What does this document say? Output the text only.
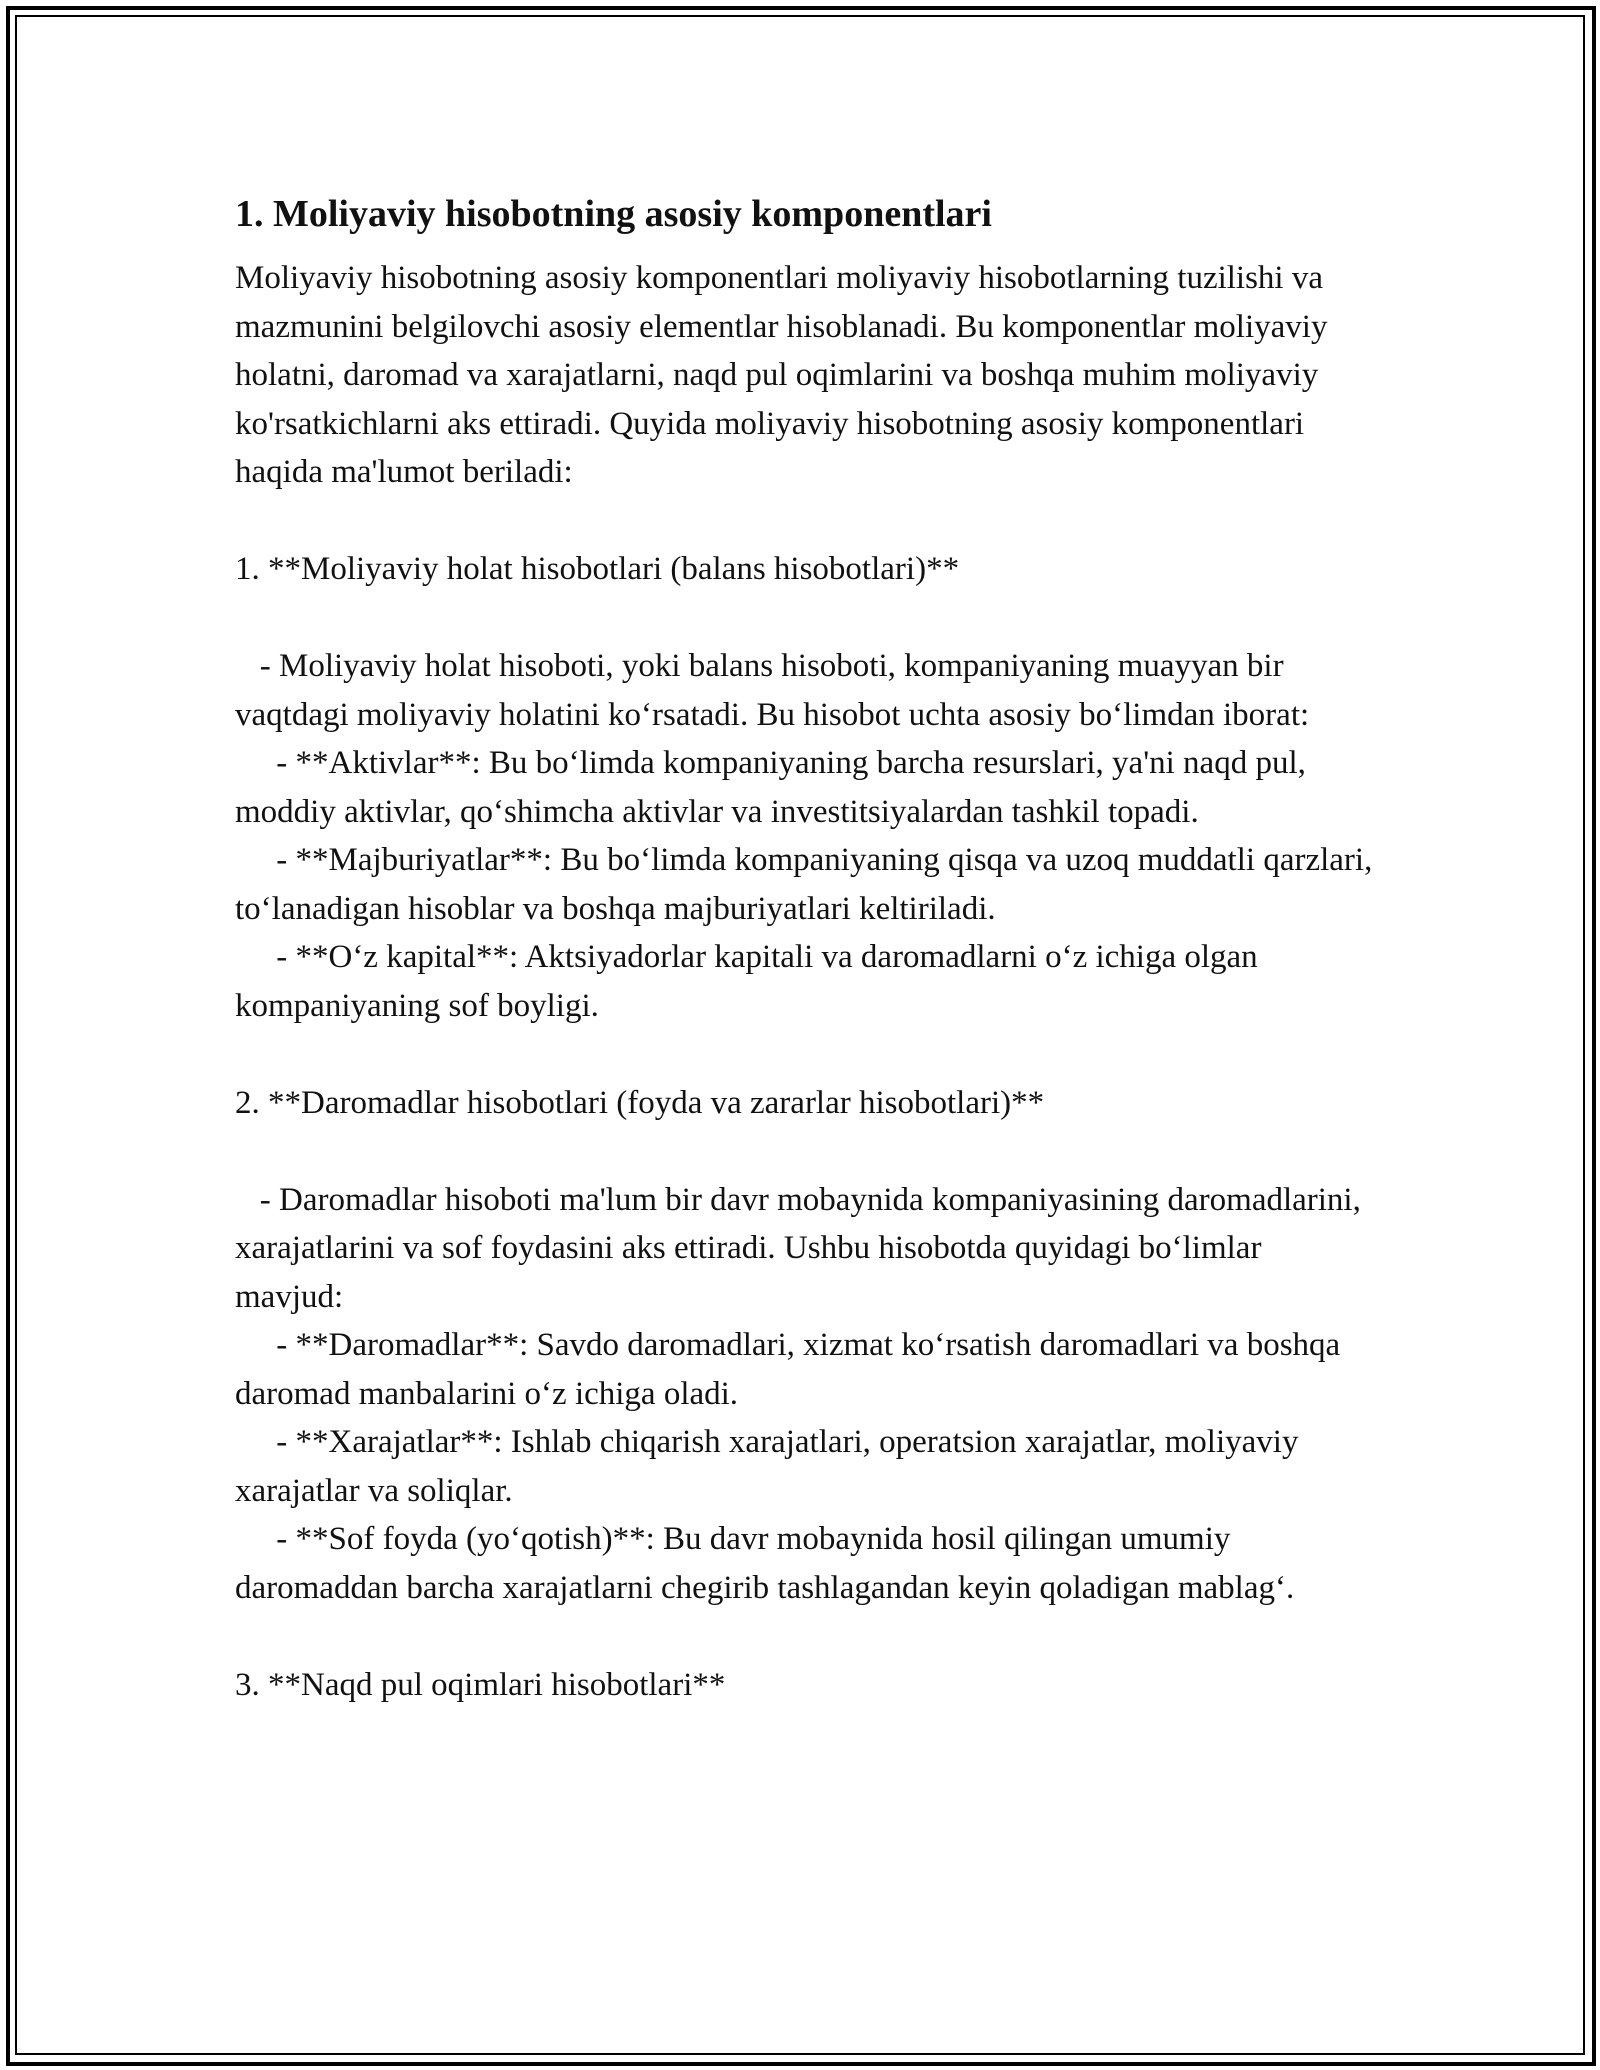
1. Moliyaviy hisobotning asosiy komponentlari

Moliyaviy hisobotning asosiy komponentlari moliyaviy hisobotlarning tuzilishi va mazmunini belgilovchi asosiy elementlar hisoblanadi. Bu komponentlar moliyaviy holatni, daromad va xarajatlarni, naqd pul oqimlarini va boshqa muhim moliyaviy ko'rsatkichlarni aks ettiradi. Quyida moliyaviy hisobotning asosiy komponentlari haqida ma'lumot beriladi:

1. **Moliyaviy holat hisobotlari (balans hisobotlari)**

- Moliyaviy holat hisoboti, yoki balans hisoboti, kompaniyaning muayyan bir vaqtdagi moliyaviy holatini ko‘rsatadi. Bu hisobot uchta asosiy bo‘limdan iborat:

- **Aktivlar**: Bu bo‘limda kompaniyaning barcha resurslari, ya'ni naqd pul, moddiy aktivlar, qo‘shimcha aktivlar va investitsiyalardan tashkil topadi.

- **Majburiyatlar**: Bu bo‘limda kompaniyaning qisqa va uzoq muddatli qarzlari, to‘lanadigan hisoblar va boshqa majburiyatlari keltiriladi.

- **O‘z kapital**: Aktsiyadorlar kapitali va daromadlarni o‘z ichiga olgan kompaniyaning sof boyligi.

2. **Daromadlar hisobotlari (foyda va zararlar hisobotlari)**

- Daromadlar hisoboti ma'lum bir davr mobaynida kompaniyasining daromadlarini, xarajatlarini va sof foydasini aks ettiradi. Ushbu hisobotda quyidagi bo‘limlar mavjud:

- **Daromadlar**: Savdo daromadlari, xizmat ko‘rsatish daromadlari va boshqa daromad manbalarini o‘z ichiga oladi.

- **Xarajatlar**: Ishlab chiqarish xarajatlari, operatsion xarajatlar, moliyaviy xarajatlar va soliqlar.

- **Sof foyda (yo‘qotish)**: Bu davr mobaynida hosil qilingan umumiy daromaddan barcha xarajatlarni chegirib tashlagandan keyin qoladigan mablag‘.

3. **Naqd pul oqimlari hisobotlari**
